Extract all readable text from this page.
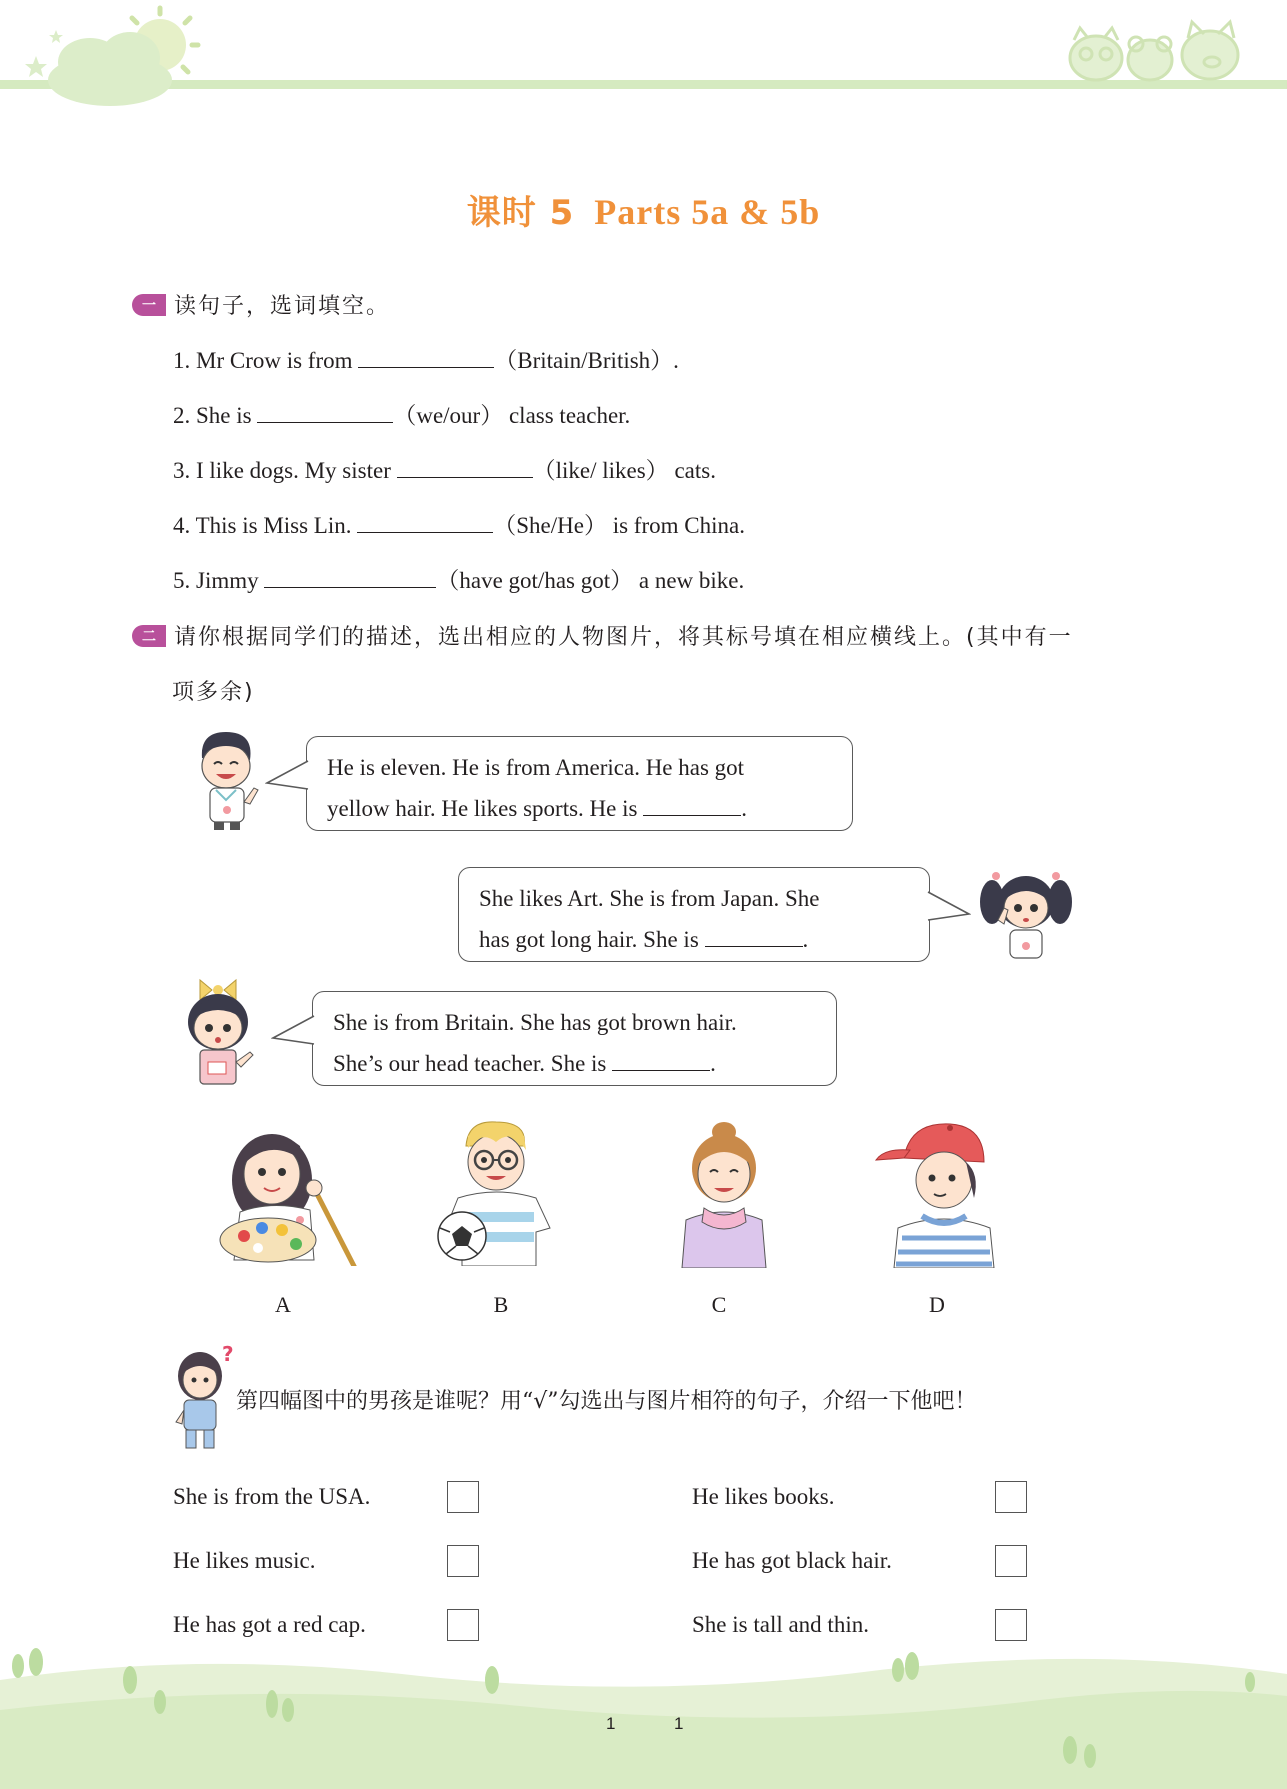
课时 5 Parts 5a & 5b
一 读句子，选词填空。
1. Mr Crow is from	（Britain/British）.
2. She is	（we/our） class teacher.
3. I like dogs. My sister	（like/ likes） cats.
4. This is Miss Lin.	（She/He） is from China.
5. Jimmy	（have got/has got） a new bike.
二 请你根据同学们的描述，选出相应的人物图片，将其标号填在相应横线上。(其中有一
项多余)
He is eleven. He is from America. He has got
yellow hair. He likes sports. He is	.
She likes Art. She is from Japan. She
has got long hair. She is	.
She is from Britain. She has got brown hair.
She’s our head teacher. She is	.
A	B	C	D
?
第四幅图中的男孩是谁呢？用“√”勾选出与图片相符的句子，介绍一下他吧！
She is from the USA.
He likes music.
He has got a red cap.
He likes books.
He has got black hair.
She is tall and thin.
1	1
